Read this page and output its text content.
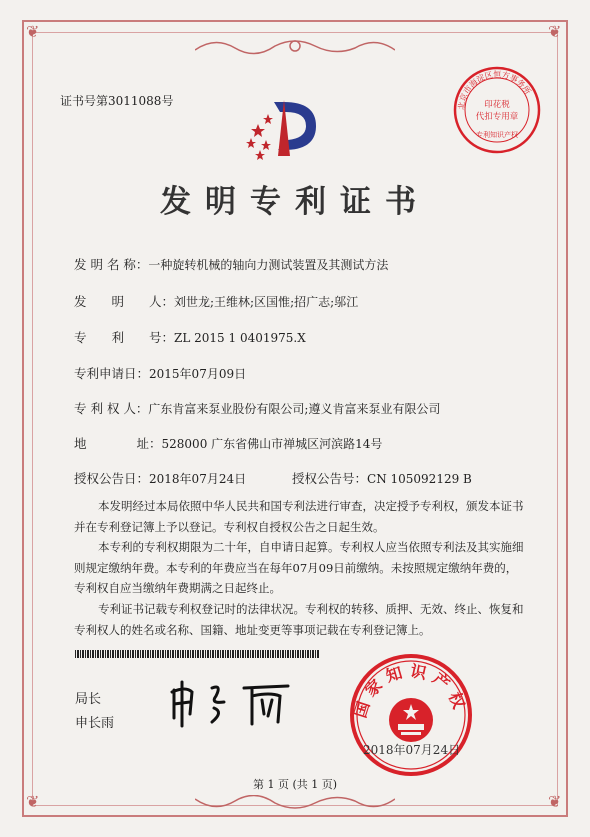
❦	❦
❦	❦
证书号第3011088号	北京市海淀区恒方事务所
印花税
代扣专用章
专利知识产权
发明专利证书
发 明 名 称：一种旋转机械的轴向力测试装置及其测试方法
发　　明　　人：刘世龙;王维林;区国惟;招广志;邬江
专　　利　　号：ZL 2015 1 0401975.X
专利申请日：2015年07月09日
专 利 权 人：广东肯富来泵业股份有限公司;遵义肯富来泵业有限公司
地　　　　址：528000 广东省佛山市禅城区河滨路14号
授权公告日：2018年07月24日	授权公告号：CN 105092129 B
本发明经过本局依照中华人民共和国专利法进行审查，决定授予专利权，颁发本证书并在专利登记簿上予以登记。专利权自授权公告之日起生效。
本专利的专利权期限为二十年，自申请日起算。专利权人应当依照专利法及其实施细则规定缴纳年费。本专利的年费应当在每年07月09日前缴纳。未按照规定缴纳年费的，专利权自应当缴纳年费期满之日起终止。
专利证书记载专利权登记时的法律状况。专利权的转移、质押、无效、终止、恢复和专利权人的姓名或名称、国籍、地址变更等事项记载在专利登记簿上。
局长
申长雨
国家知识产权
2018年07月24日
第 1 页 (共 1 页)
